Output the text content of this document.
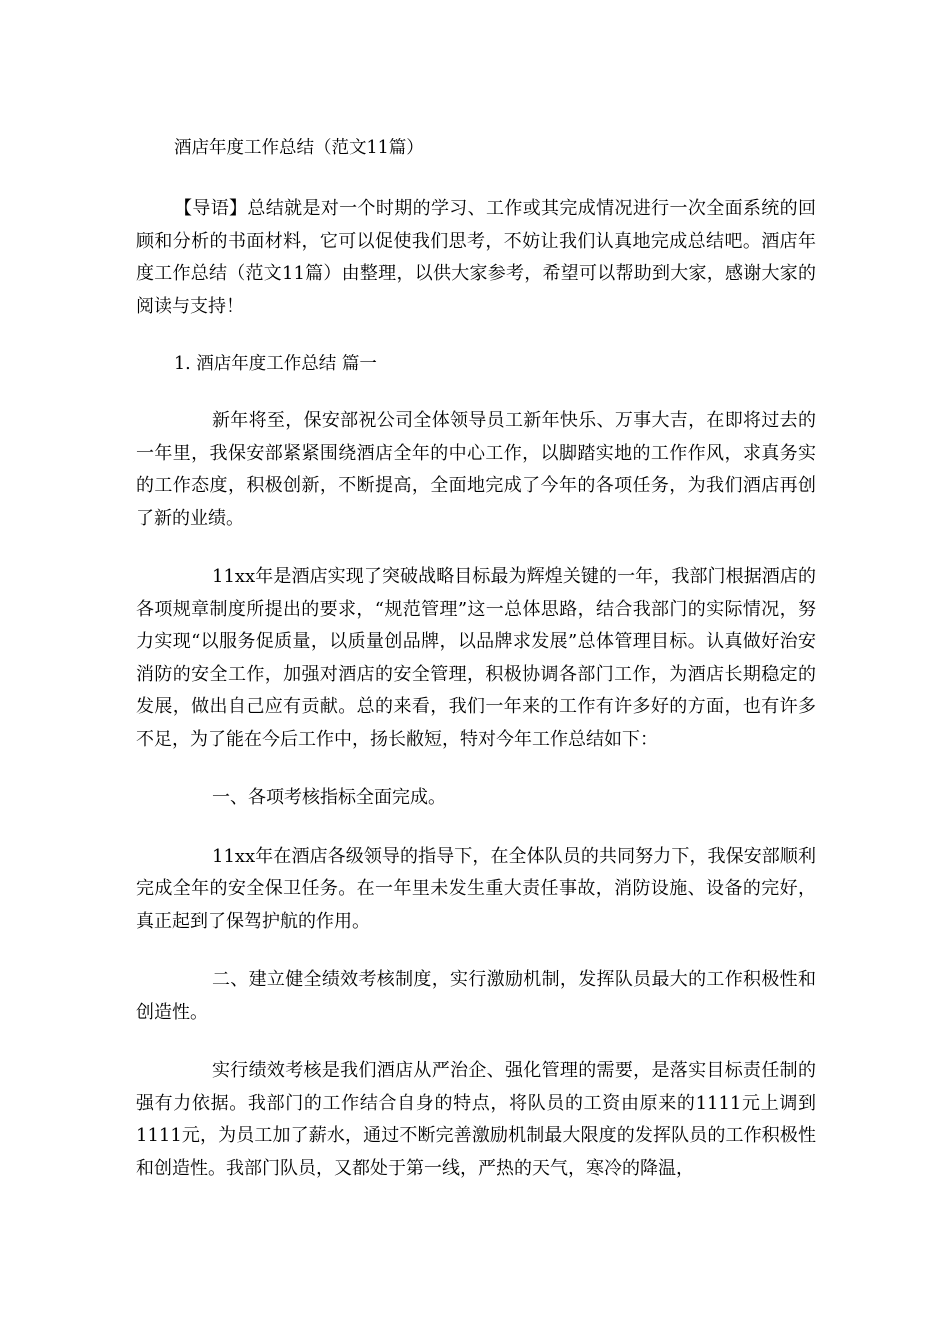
酒店年度工作总结（范文11篇）

【导语】总结就是对一个时期的学习、工作或其完成情况进行一次全面系统的回顾和分析的书面材料，它可以促使我们思考，不妨让我们认真地完成总结吧。酒店年度工作总结（范文11篇）由整理，以供大家参考，希望可以帮助到大家，感谢大家的阅读与支持！

1. 酒店年度工作总结 篇一

新年将至，保安部祝公司全体领导员工新年快乐、万事大吉，在即将过去的一年里，我保安部紧紧围绕酒店全年的中心工作，以脚踏实地的工作作风，求真务实的工作态度，积极创新，不断提高，全面地完成了今年的各项任务，为我们酒店再创了新的业绩。

11xx年是酒店实现了突破战略目标最为辉煌关键的一年，我部门根据酒店的各项规章制度所提出的要求，“规范管理”这一总体思路，结合我部门的实际情况，努力实现“以服务促质量，以质量创品牌，以品牌求发展”总体管理目标。认真做好治安消防的安全工作，加强对酒店的安全管理，积极协调各部门工作，为酒店长期稳定的发展，做出自己应有贡献。总的来看，我们一年来的工作有许多好的方面，也有许多不足，为了能在今后工作中，扬长敝短，特对今年工作总结如下：

一、各项考核指标全面完成。

11xx年在酒店各级领导的指导下，在全体队员的共同努力下，我保安部顺利完成全年的安全保卫任务。在一年里未发生重大责任事故，消防设施、设备的完好，真正起到了保驾护航的作用。

二、建立健全绩效考核制度，实行激励机制，发挥队员最大的工作积极性和创造性。

实行绩效考核是我们酒店从严治企、强化管理的需要，是落实目标责任制的强有力依据。我部门的工作结合自身的特点，将队员的工资由原来的1111元上调到1111元，为员工加了薪水，通过不断完善激励机制最大限度的发挥队员的工作积极性和创造性。我部门队员，又都处于第一线，严热的天气，寒冷的降温，
